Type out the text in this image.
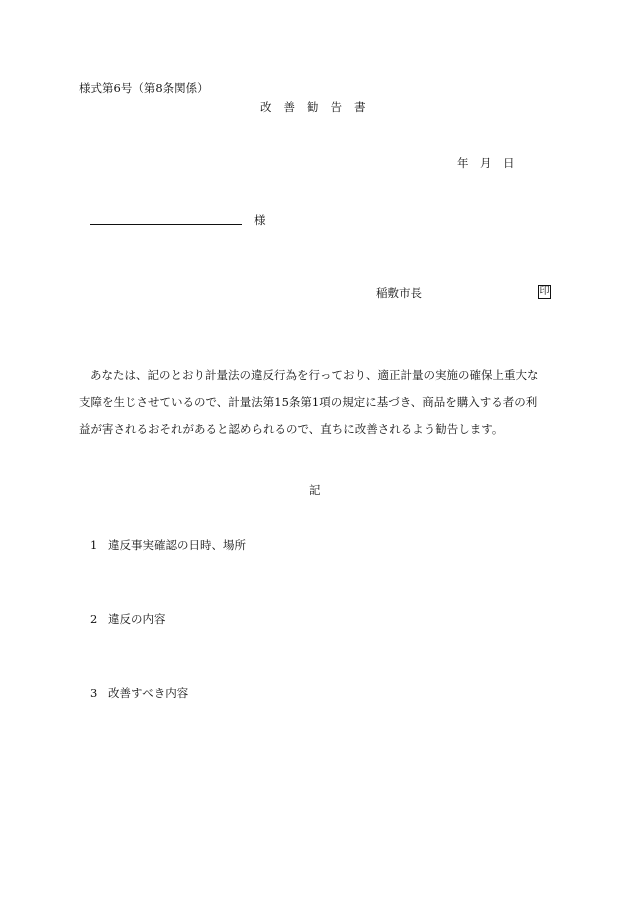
様式第6号（第8条関係）
改善勧告書
年　月　日
様
稲敷市長	印
あなたは、記のとおり計量法の違反行為を行っており、適正計量の実施の確保上重大な
支障を生じさせているので、計量法第15条第1項の規定に基づき、商品を購入する者の利
益が害されるおそれがあると認められるので、直ちに改善されるよう勧告します。
記
1 違反事実確認の日時、場所
2 違反の内容
3 改善すべき内容
